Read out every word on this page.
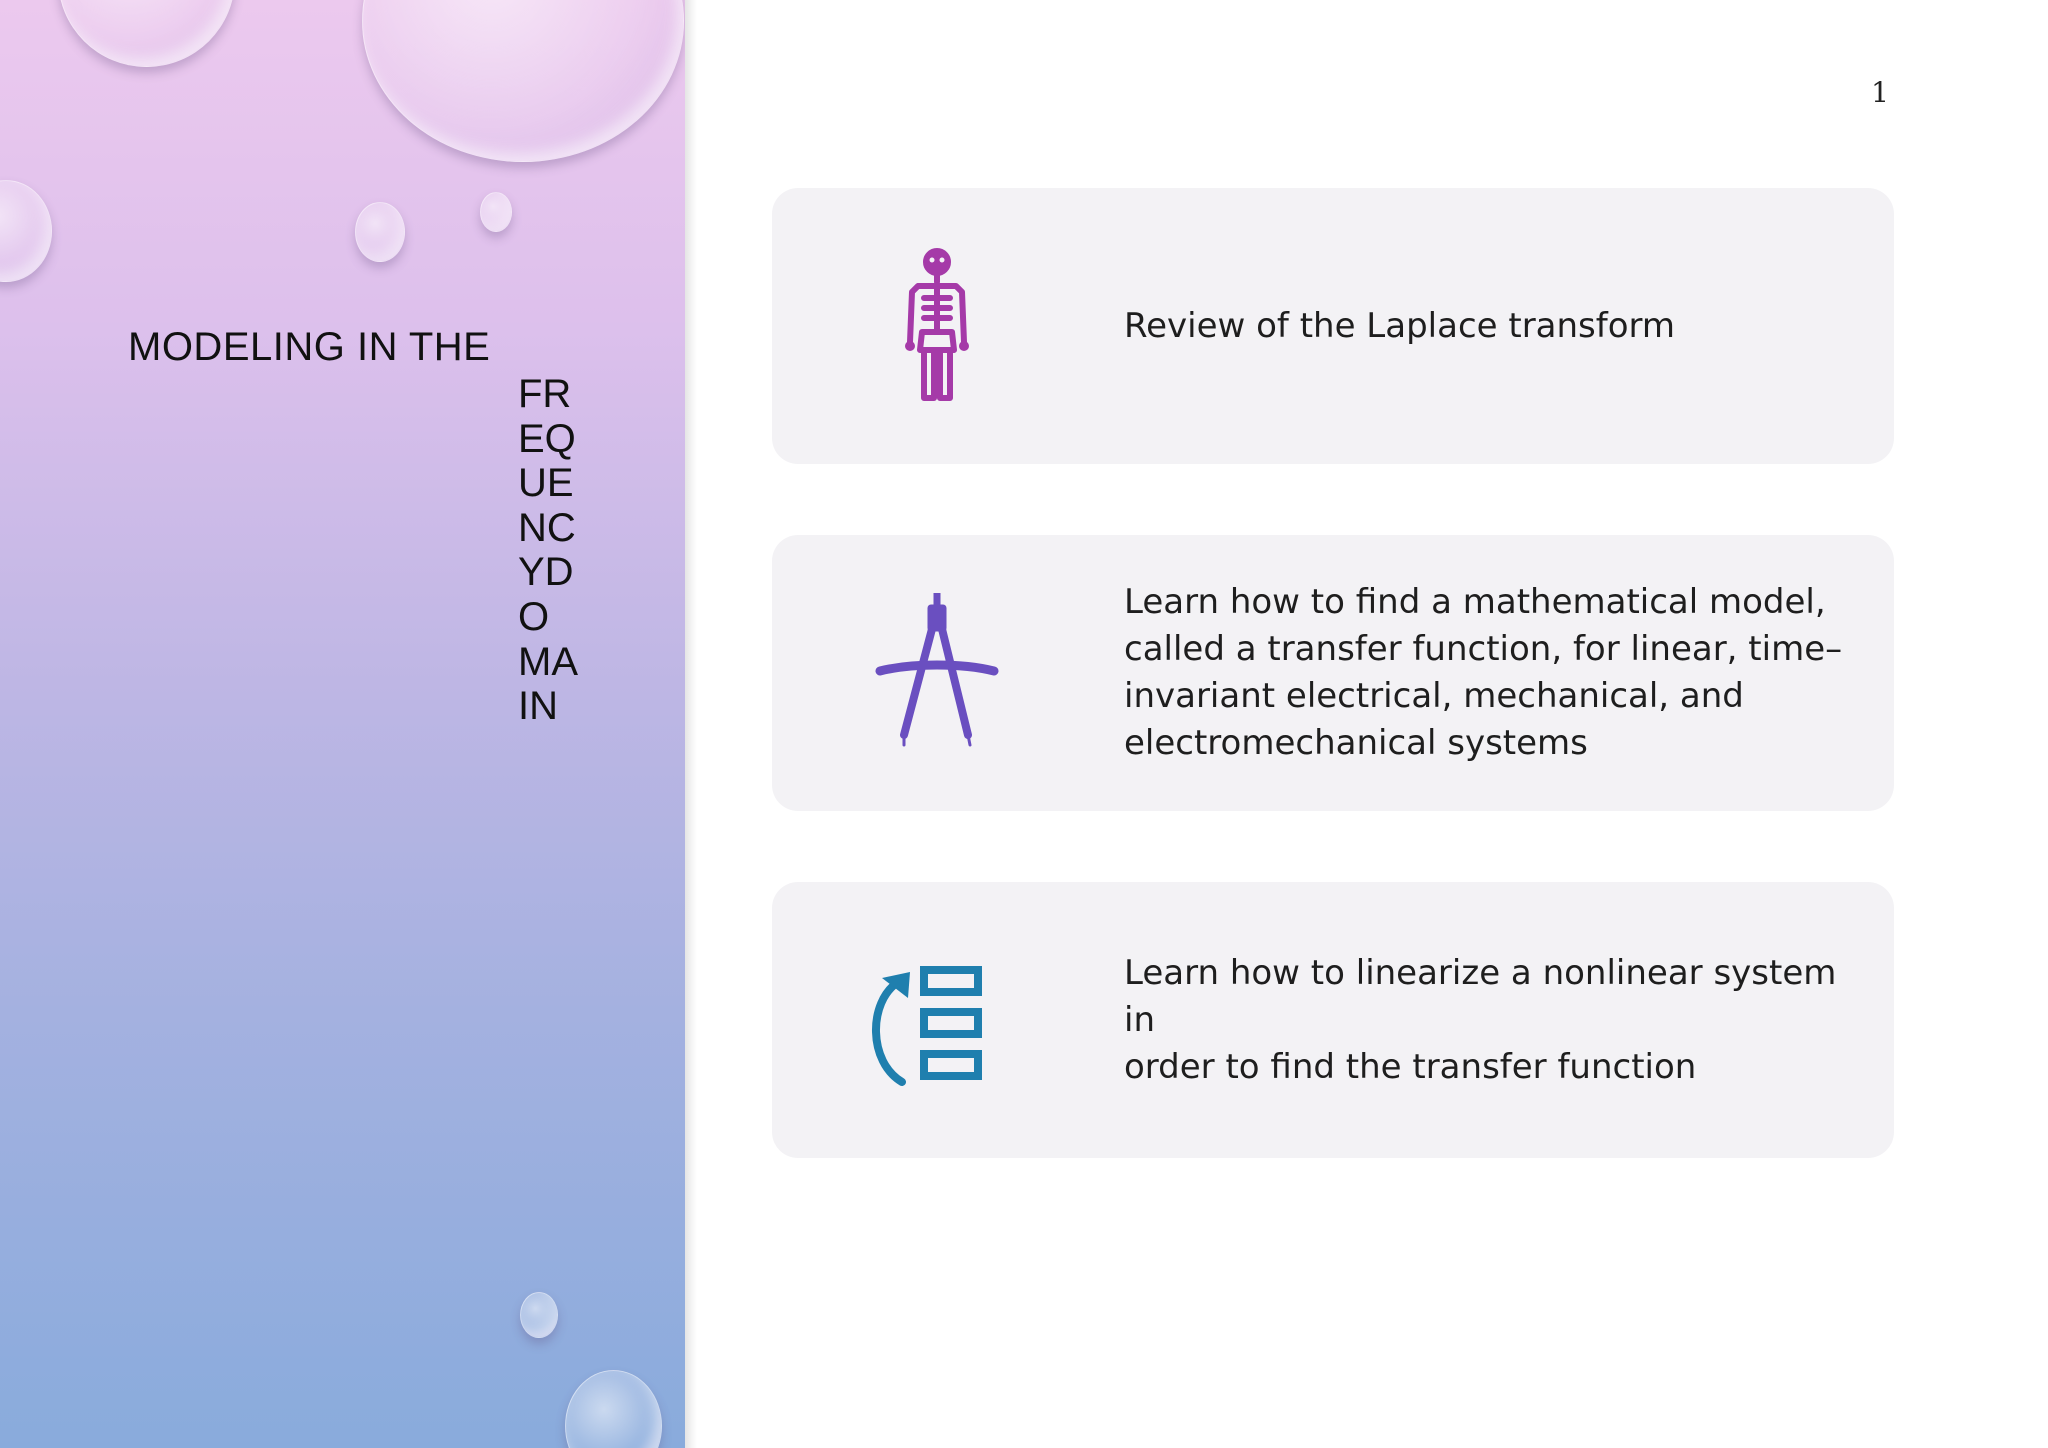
MODELING IN THE
FREQUENCYDOMAIN
1
Review of the Laplace transform
Learn how to find a mathematical model,
called a transfer function, for linear, time–
invariant electrical, mechanical, and
electromechanical systems
Learn how to linearize a nonlinear system in
order to find the transfer function
